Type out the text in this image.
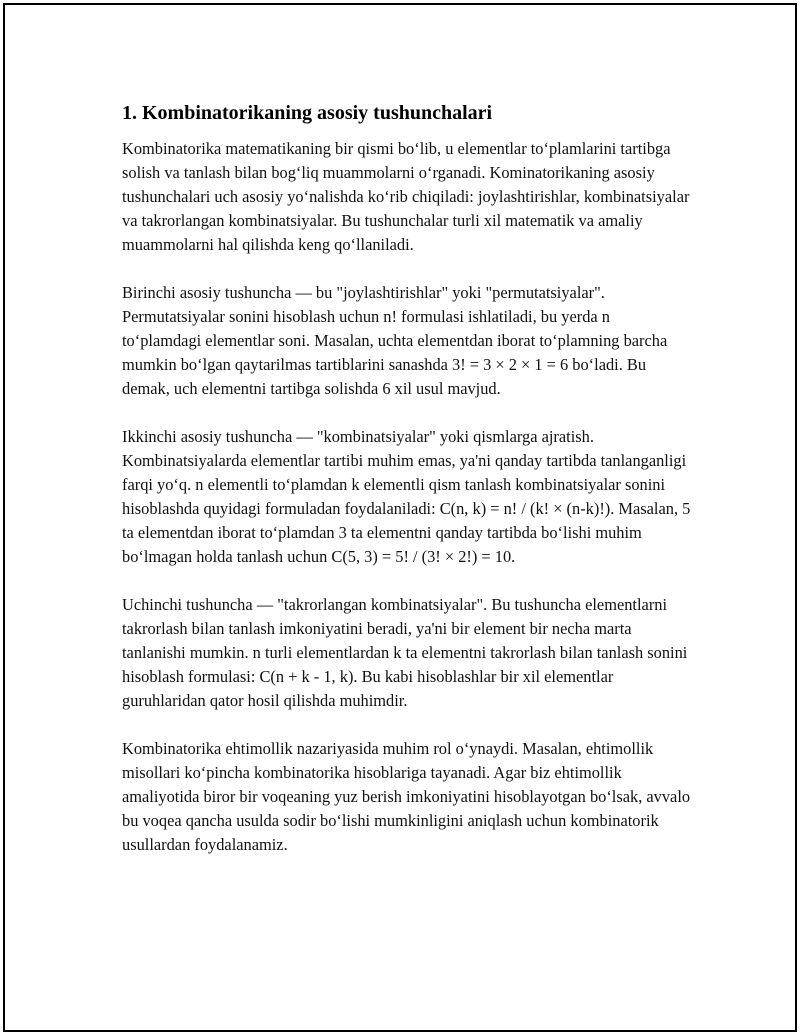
1. Kombinatorikaning asosiy tushunchalari

Kombinatorika matematikaning bir qismi bo‘lib, u elementlar to‘plamlarini tartibga solish va tanlash bilan bog‘liq muammolarni o‘rganadi. Kominatorikaning asosiy tushunchalari uch asosiy yo‘nalishda ko‘rib chiqiladi: joylashtirishlar, kombinatsiyalar va takrorlangan kombinatsiyalar. Bu tushunchalar turli xil matematik va amaliy muammolarni hal qilishda keng qo‘llaniladi.

Birinchi asosiy tushuncha — bu "joylashtirishlar" yoki "permutatsiyalar". Permutatsiyalar sonini hisoblash uchun n! formulasi ishlatiladi, bu yerda n to‘plamdagi elementlar soni. Masalan, uchta elementdan iborat to‘plamning barcha mumkin bo‘lgan qaytarilmas tartiblarini sanashda 3! = 3 × 2 × 1 = 6 bo‘ladi. Bu demak, uch elementni tartibga solishda 6 xil usul mavjud.

Ikkinchi asosiy tushuncha — "kombinatsiyalar" yoki qismlarga ajratish. Kombinatsiyalarda elementlar tartibi muhim emas, ya'ni qanday tartibda tanlanganligi farqi yo‘q. n elementli to‘plamdan k elementli qism tanlash kombinatsiyalar sonini hisoblashda quyidagi formuladan foydalaniladi: C(n, k) = n! / (k! × (n-k)!). Masalan, 5 ta elementdan iborat to‘plamdan 3 ta elementni qanday tartibda bo‘lishi muhim bo‘lmagan holda tanlash uchun C(5, 3) = 5! / (3! × 2!) = 10.

Uchinchi tushuncha — "takrorlangan kombinatsiyalar". Bu tushuncha elementlarni takrorlash bilan tanlash imkoniyatini beradi, ya'ni bir element bir necha marta tanlanishi mumkin. n turli elementlardan k ta elementni takrorlash bilan tanlash sonini hisoblash formulasi: C(n + k - 1, k). Bu kabi hisoblashlar bir xil elementlar guruhlaridan qator hosil qilishda muhimdir.

Kombinatorika ehtimollik nazariyasida muhim rol o‘ynaydi. Masalan, ehtimollik misollari ko‘pincha kombinatorika hisoblariga tayanadi. Agar biz ehtimollik amaliyotida biror bir voqeaning yuz berish imkoniyatini hisoblayotgan bo‘lsak, avvalo bu voqea qancha usulda sodir bo‘lishi mumkinligini aniqlash uchun kombinatorik usullardan foydalanamiz.
